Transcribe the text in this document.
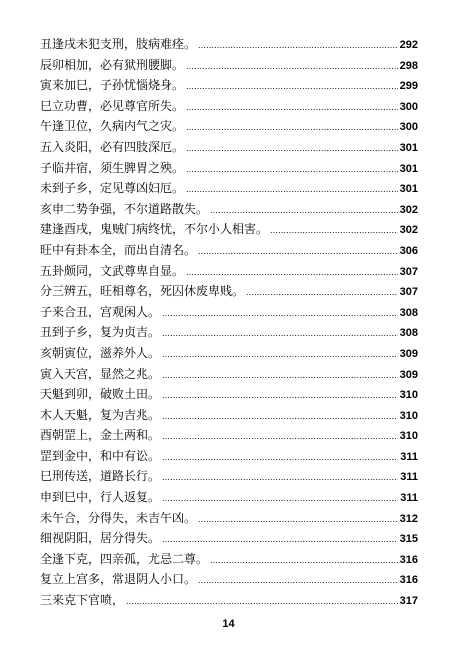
丑逢戌未犯支刑，肢病难痊。 .....	292
辰卯相加，必有狱刑腰脚。 .....	298
寅来加巳，子孙忧惱烧身。 .....	299
巳立功曹，必见尊官所失。 .....	300
午逢卫位，久病内气之灾。 .....	300
五入炎阳，必有四肢深厄。 .....	301
子临井宿，须生脾胃之殃。 .....	301
未到子乡，定见尊凶妇厄。 .....	301
亥申二势争强，不尔道路散失。 .....	302
建逢酉戌，鬼贼门病终忧，不尔小人相害。 .....	302
旺中有卦本全，而出自清名。 .....	306
五卦颇同，文武尊卑自显。 .....	307
分三辨五，旺相尊名，死囚休废卑贱。 .....	307
子来合丑，宫观闲人。 .....	308
丑到子乡，复为贞吉。 .....	308
亥朝寅位，滋养外人。 .....	309
寅入天宫，显然之兆。 .....	309
天魁到卯，破败土田。 .....	310
木人天魁，复为吉兆。 .....	310
酉朝罡上，金土两和。 .....	310
罡到金中，和中有讼。 .....	311
巳刑传送，道路长行。 .....	311
申到巳中，行人返复。 .....	311
未午合，分得失，未吉午凶。 .....	312
细视阴阳，居分得失。 .....	315
全逢下克，四亲孤，尤忌二尊。 .....	316
复立上宫多，常退阴人小口。 .....	316
三来克下官喷， .....	317
14
